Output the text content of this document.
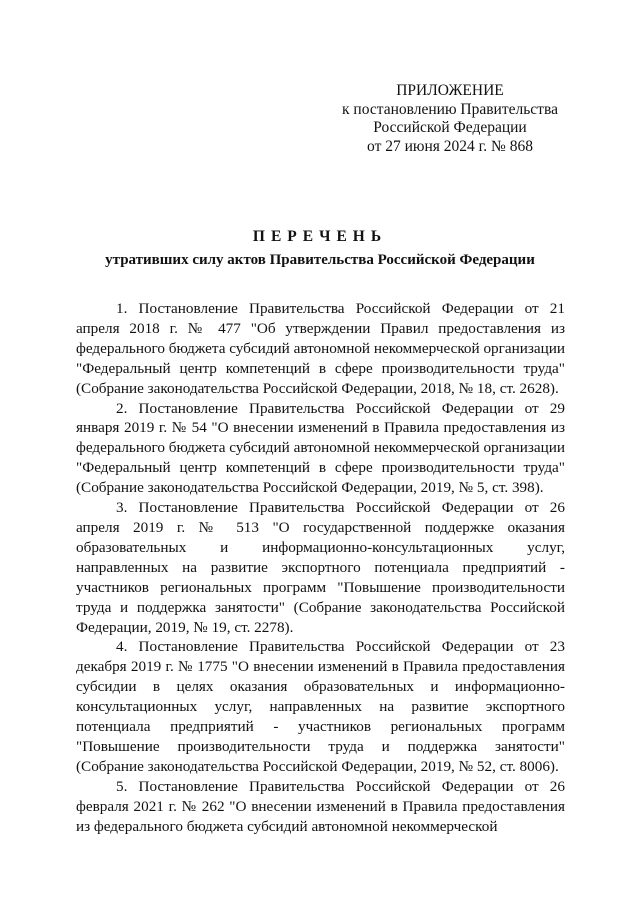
ПРИЛОЖЕНИЕ
к постановлению Правительства
Российской Федерации
от 27 июня 2024 г. № 868
ПЕРЕЧЕНЬ
утративших силу актов Правительства Российской Федерации

1. Постановление Правительства Российской Федерации от 21 апреля 2018 г. № 477 "Об утверждении Правил предоставления из федерального бюджета субсидий автономной некоммерческой организации "Федеральный центр компетенций в сфере производительности труда" (Собрание законодательства Российской Федерации, 2018, № 18, ст. 2628).

2. Постановление Правительства Российской Федерации от 29 января 2019 г. № 54 "О внесении изменений в Правила предоставления из федерального бюджета субсидий автономной некоммерческой организации "Федеральный центр компетенций в сфере производительности труда" (Собрание законодательства Российской Федерации, 2019, № 5, ст. 398).

3. Постановление Правительства Российской Федерации от 26 апреля 2019 г. № 513 "О государственной поддержке оказания образовательных и информационно-консультационных услуг, направленных на развитие экспортного потенциала предприятий - участников региональных программ "Повышение производительности труда и поддержка занятости" (Собрание законодательства Российской Федерации, 2019, № 19, ст. 2278).

4. Постановление Правительства Российской Федерации от 23 декабря 2019 г. № 1775 "О внесении изменений в Правила предоставления субсидии в целях оказания образовательных и информационно-консультационных услуг, направленных на развитие экспортного потенциала предприятий - участников региональных программ "Повышение производительности труда и поддержка занятости" (Собрание законодательства Российской Федерации, 2019, № 52, ст. 8006).

5. Постановление Правительства Российской Федерации от 26 февраля 2021 г. № 262 "О внесении изменений в Правила предоставления из федерального бюджета субсидий автономной некоммерческой
